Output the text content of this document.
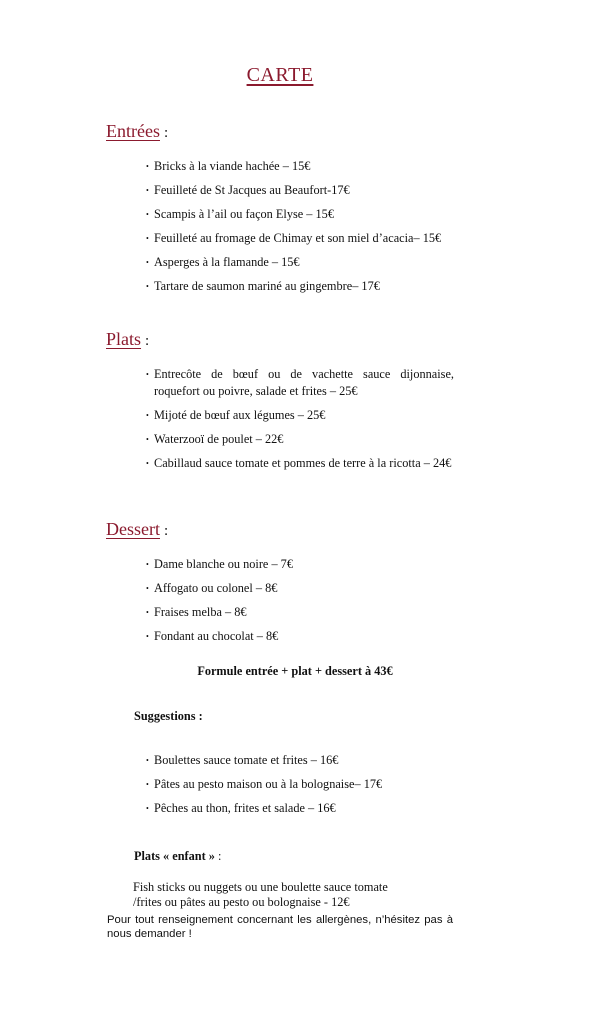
CARTE
Entrées :
• Bricks à la viande hachée – 15€
• Feuilleté de St Jacques au Beaufort-17€
• Scampis à l’ail ou façon Elyse – 15€
• Feuilleté au fromage de Chimay et son miel d’acacia– 15€
• Asperges à la flamande – 15€
• Tartare de saumon mariné au gingembre– 17€
Plats :
• Entrecôte de bœuf ou de vachette sauce dijonnaise, roquefort ou poivre, salade et frites – 25€
• Mijoté de bœuf aux légumes – 25€
• Waterzooï de poulet – 22€
• Cabillaud sauce tomate et pommes de terre à la ricotta – 24€
Dessert :
• Dame blanche ou noire – 7€
• Affogato ou colonel – 8€
• Fraises melba – 8€
• Fondant au chocolat – 8€
Formule entrée + plat + dessert à 43€
Suggestions :
• Boulettes sauce tomate et frites – 16€
• Pâtes au pesto maison ou à la bolognaise– 17€
• Pêches au thon, frites et salade – 16€
Plats « enfant » :
Fish sticks ou nuggets ou une boulette sauce tomate
/frites ou pâtes au pesto ou bolognaise - 12€
Pour tout renseignement concernant les allergènes, n’hésitez pas à nous demander !
